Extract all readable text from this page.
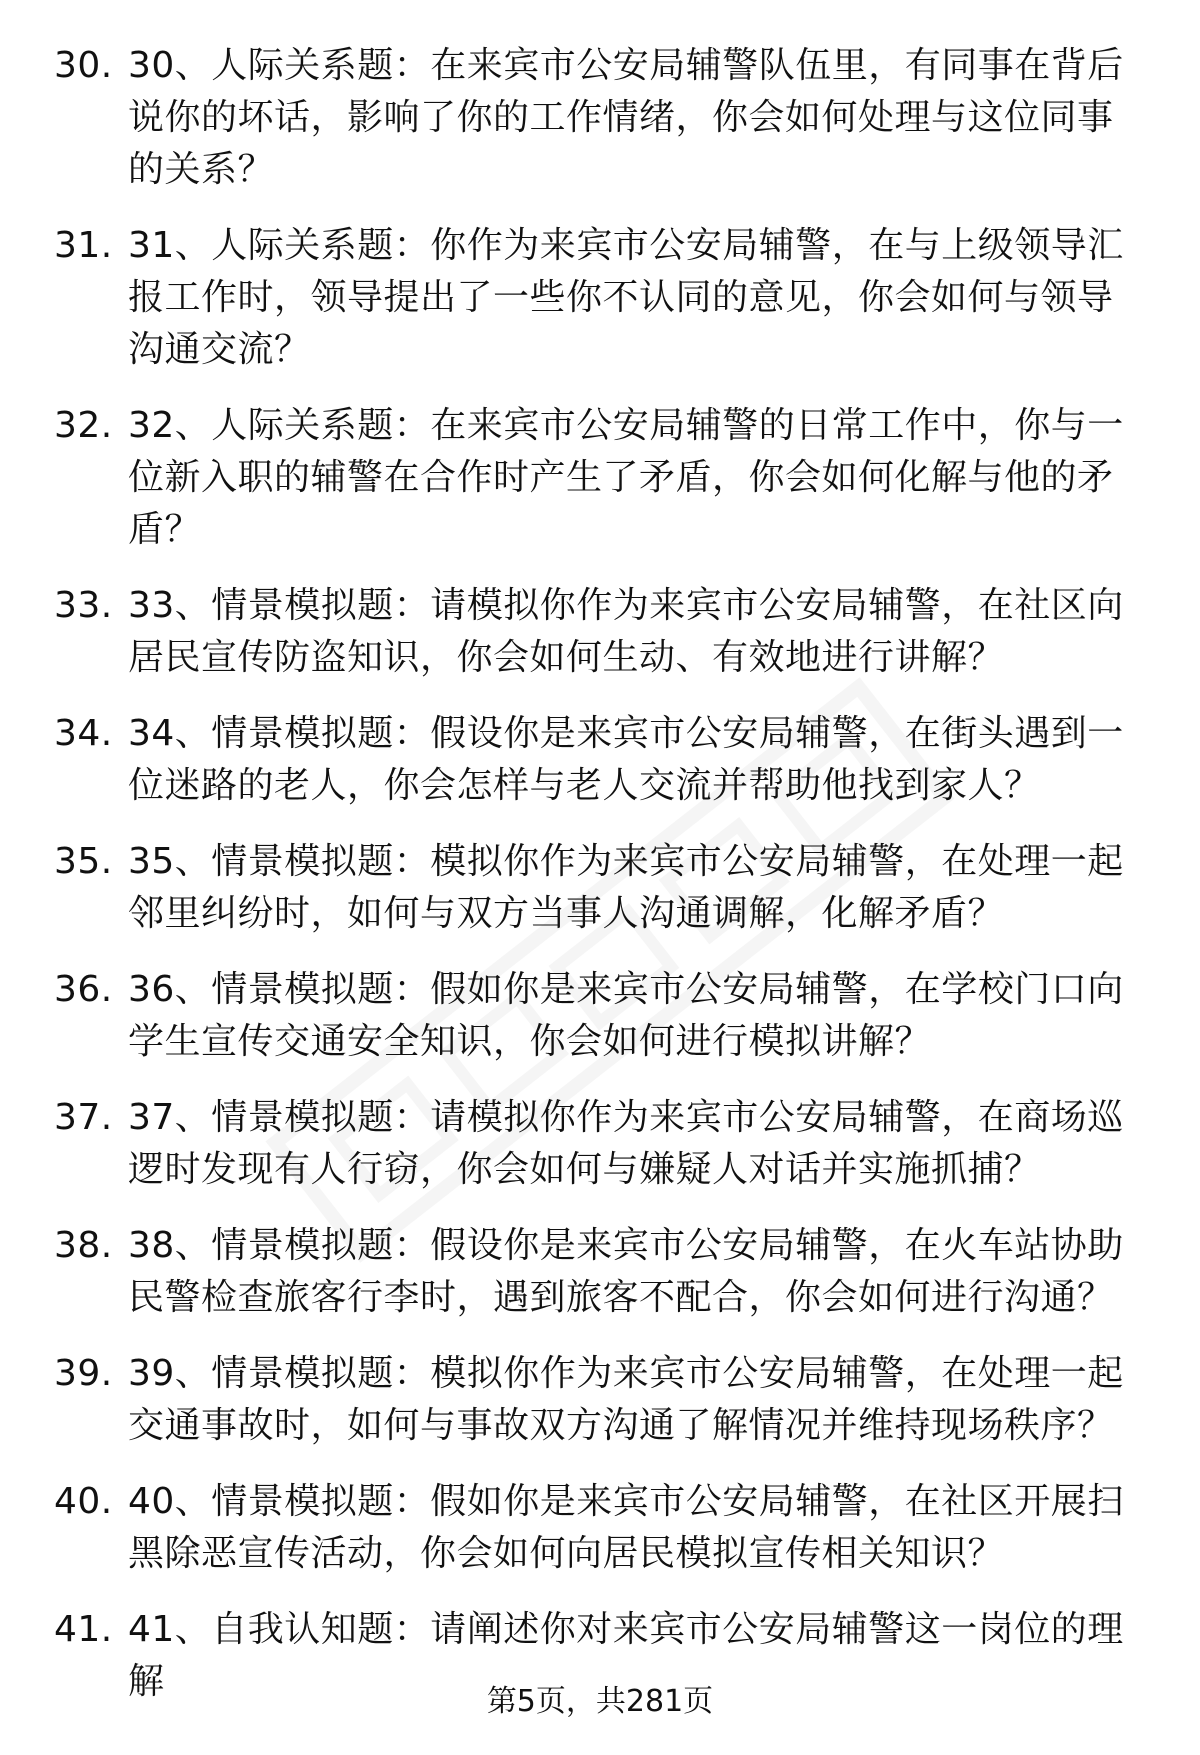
30. 30、人际关系题：在来宾市公安局辅警队伍里，有同事在背后说你的坏话，影响了你的工作情绪，你会如何处理与这位同事的关系？
31. 31、人际关系题：你作为来宾市公安局辅警，在与上级领导汇报工作时，领导提出了一些你不认同的意见，你会如何与领导沟通交流？
32. 32、人际关系题：在来宾市公安局辅警的日常工作中，你与一位新入职的辅警在合作时产生了矛盾，你会如何化解与他的矛盾？
33. 33、情景模拟题：请模拟你作为来宾市公安局辅警，在社区向居民宣传防盗知识，你会如何生动、有效地进行讲解？
34. 34、情景模拟题：假设你是来宾市公安局辅警，在街头遇到一位迷路的老人，你会怎样与老人交流并帮助他找到家人？
35. 35、情景模拟题：模拟你作为来宾市公安局辅警，在处理一起邻里纠纷时，如何与双方当事人沟通调解，化解矛盾？
36. 36、情景模拟题：假如你是来宾市公安局辅警，在学校门口向学生宣传交通安全知识，你会如何进行模拟讲解？
37. 37、情景模拟题：请模拟你作为来宾市公安局辅警，在商场巡逻时发现有人行窃，你会如何与嫌疑人对话并实施抓捕？
38. 38、情景模拟题：假设你是来宾市公安局辅警，在火车站协助民警检查旅客行李时，遇到旅客不配合，你会如何进行沟通？
39. 39、情景模拟题：模拟你作为来宾市公安局辅警，在处理一起交通事故时，如何与事故双方沟通了解情况并维持现场秩序？
40. 40、情景模拟题：假如你是来宾市公安局辅警，在社区开展扫黑除恶宣传活动，你会如何向居民模拟宣传相关知识？
41. 41、自我认知题：请阐述你对来宾市公安局辅警这一岗位的理解	第5页，共281页
